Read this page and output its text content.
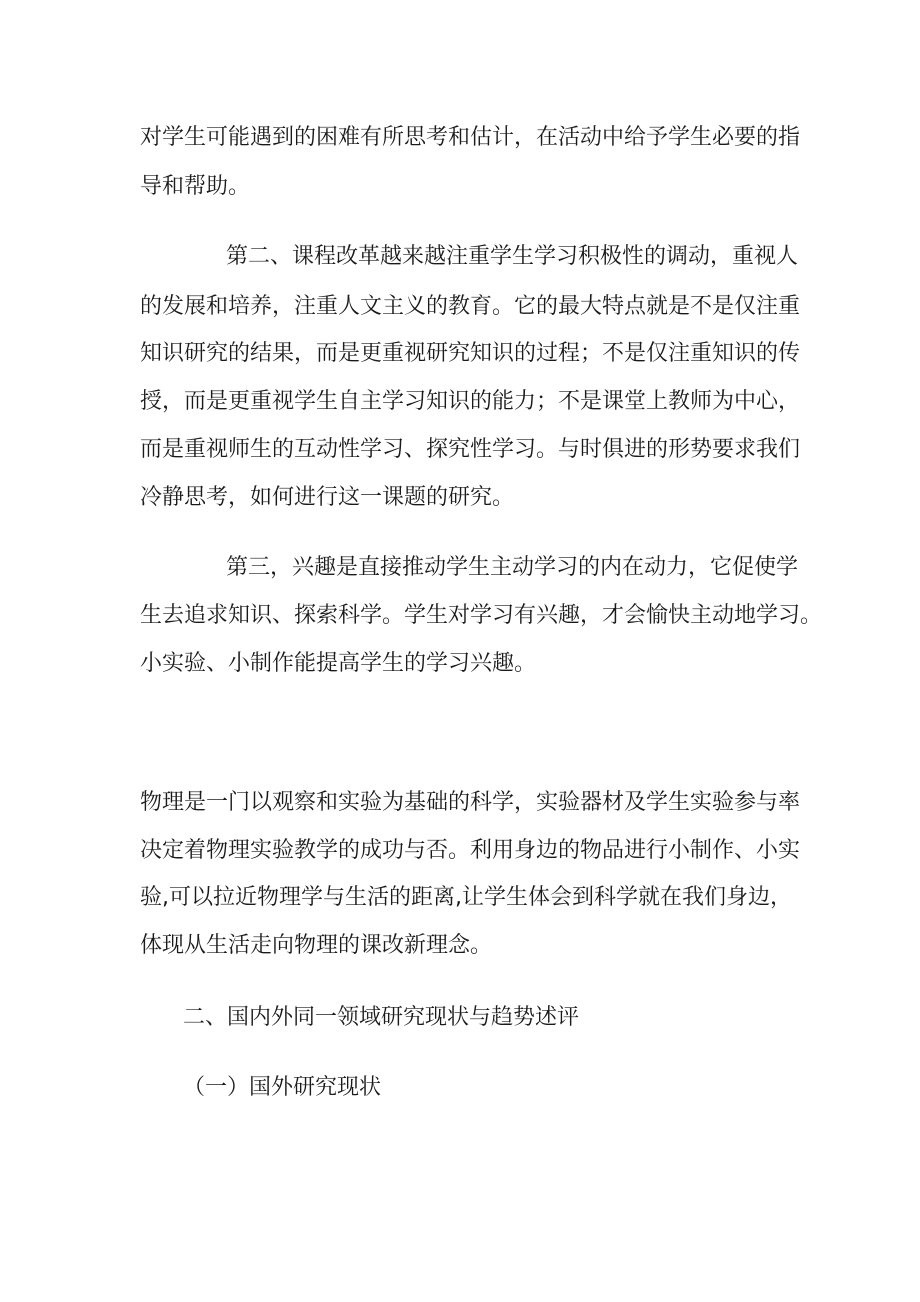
对学生可能遇到的困难有所思考和估计，在活动中给予学生必要的指

导和帮助。

第二、课程改革越来越注重学生学习积极性的调动，重视人

的发展和培养，注重人文主义的教育。它的最大特点就是不是仅注重

知识研究的结果，而是更重视研究知识的过程；不是仅注重知识的传

授，而是更重视学生自主学习知识的能力；不是课堂上教师为中心，

而是重视师生的互动性学习、探究性学习。与时俱进的形势要求我们

冷静思考，如何进行这一课题的研究。

第三，兴趣是直接推动学生主动学习的内在动力，它促使学

生去追求知识、探索科学。学生对学习有兴趣，才会愉快主动地学习。

小实验、小制作能提高学生的学习兴趣。

物理是一门以观察和实验为基础的科学，实验器材及学生实验参与率

决定着物理实验教学的成功与否。利用身边的物品进行小制作、小实

验,可以拉近物理学与生活的距离,让学生体会到科学就在我们身边，

体现从生活走向物理的课改新理念。

二、国内外同一领域研究现状与趋势述评
（一）国外研究现状
